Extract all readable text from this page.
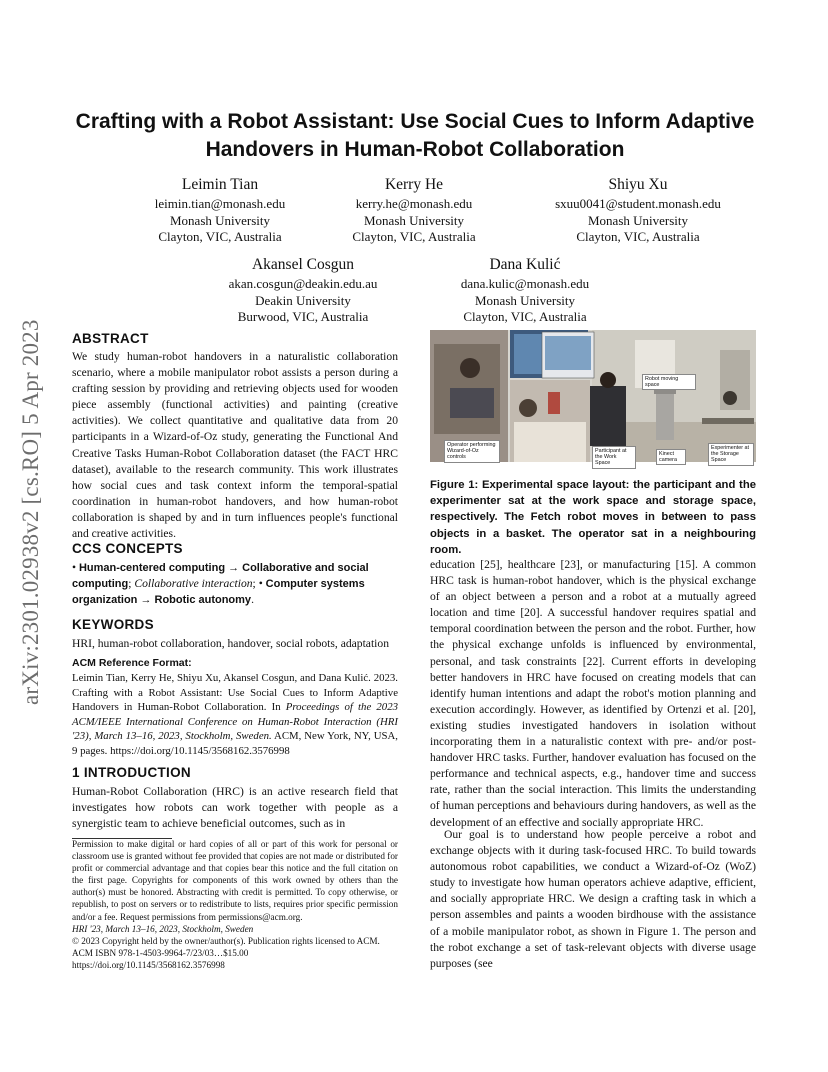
arXiv:2301.02938v2 [cs.RO] 5 Apr 2023
Crafting with a Robot Assistant: Use Social Cues to Inform Adaptive Handovers in Human-Robot Collaboration
Leimin Tian
leimin.tian@monash.edu
Monash University
Clayton, VIC, Australia
Kerry He
kerry.he@monash.edu
Monash University
Clayton, VIC, Australia
Shiyu Xu
sxuu0041@student.monash.edu
Monash University
Clayton, VIC, Australia
Akansel Cosgun
akan.cosgun@deakin.edu.au
Deakin University
Burwood, VIC, Australia
Dana Kulić
dana.kulic@monash.edu
Monash University
Clayton, VIC, Australia
ABSTRACT
We study human-robot handovers in a naturalistic collaboration scenario, where a mobile manipulator robot assists a person during a crafting session by providing and retrieving objects used for wooden piece assembly (functional activities) and painting (creative activities). We collect quantitative and qualitative data from 20 participants in a Wizard-of-Oz study, generating the Functional And Creative Tasks Human-Robot Collaboration dataset (the FACT HRC dataset), available to the research community. This work illustrates how social cues and task context inform the temporal-spatial coordination in human-robot handovers, and how human-robot collaboration is shaped by and in turn influences people's functional and creative activities.
CCS CONCEPTS
• Human-centered computing → Collaborative and social computing; Collaborative interaction; • Computer systems organization → Robotic autonomy.
KEYWORDS
HRI, human-robot collaboration, handover, social robots, adaptation
ACM Reference Format:
Leimin Tian, Kerry He, Shiyu Xu, Akansel Cosgun, and Dana Kulić. 2023. Crafting with a Robot Assistant: Use Social Cues to Inform Adaptive Handovers in Human-Robot Collaboration. In Proceedings of the 2023 ACM/IEEE International Conference on Human-Robot Interaction (HRI '23), March 13–16, 2023, Stockholm, Sweden. ACM, New York, NY, USA, 9 pages. https://doi.org/10.1145/3568162.3576998
1 INTRODUCTION
Human-Robot Collaboration (HRC) is an active research field that investigates how robots can work together with people as a synergistic team to achieve beneficial outcomes, such as in
Permission to make digital or hard copies of all or part of this work for personal or classroom use is granted without fee provided that copies are not made or distributed for profit or commercial advantage and that copies bear this notice and the full citation on the first page. Copyrights for components of this work owned by others than the author(s) must be honored. Abstracting with credit is permitted. To copy otherwise, or republish, to post on servers or to redistribute to lists, requires prior specific permission and/or a fee. Request permissions from permissions@acm.org.
HRI '23, March 13–16, 2023, Stockholm, Sweden
© 2023 Copyright held by the owner/author(s). Publication rights licensed to ACM.
ACM ISBN 978-1-4503-9964-7/23/03…$15.00
https://doi.org/10.1145/3568162.3576998
Robot moving space
Operator performing Wizard-of-Oz controls
Participant at the Work Space
Kinect camera
Experimenter at the Storage Space
Figure 1: Experimental space layout: the participant and the experimenter sat at the work space and storage space, respectively. The Fetch robot moves in between to pass objects in a basket. The operator sat in a neighbouring room.
education [25], healthcare [23], or manufacturing [15]. A common HRC task is human-robot handover, which is the physical exchange of an object between a person and a robot at a mutually agreed location and time [20]. A successful handover requires spatial and temporal coordination between the person and the robot. Further, how the physical exchange unfolds is influenced by environmental, personal, and task constraints [22]. Current efforts in developing better handovers in HRC have focused on creating models that can identify human intentions and adapt the robot's motion planning and execution accordingly. However, as identified by Ortenzi et al. [20], existing studies investigated handovers in isolation without incorporating them in a naturalistic context with pre- and/or post-handover HRC tasks. Further, handover evaluation has focused on the performance and technical aspects, e.g., handover time and success rate, rather than the social interaction. This limits the understanding of human perceptions and behaviours during handovers, as well as the development of an effective and socially appropriate HRC.
Our goal is to understand how people perceive a robot and exchange objects with it during task-focused HRC. To build towards autonomous robot capabilities, we conduct a Wizard-of-Oz (WoZ) study to investigate how human operators achieve adaptive, efficient, and socially appropriate HRC. We design a crafting task in which a person assembles and paints a wooden birdhouse with the assistance of a mobile manipulator robot, as shown in Figure 1. The person and the robot exchange a set of task-relevant objects with diverse usage purposes (see
